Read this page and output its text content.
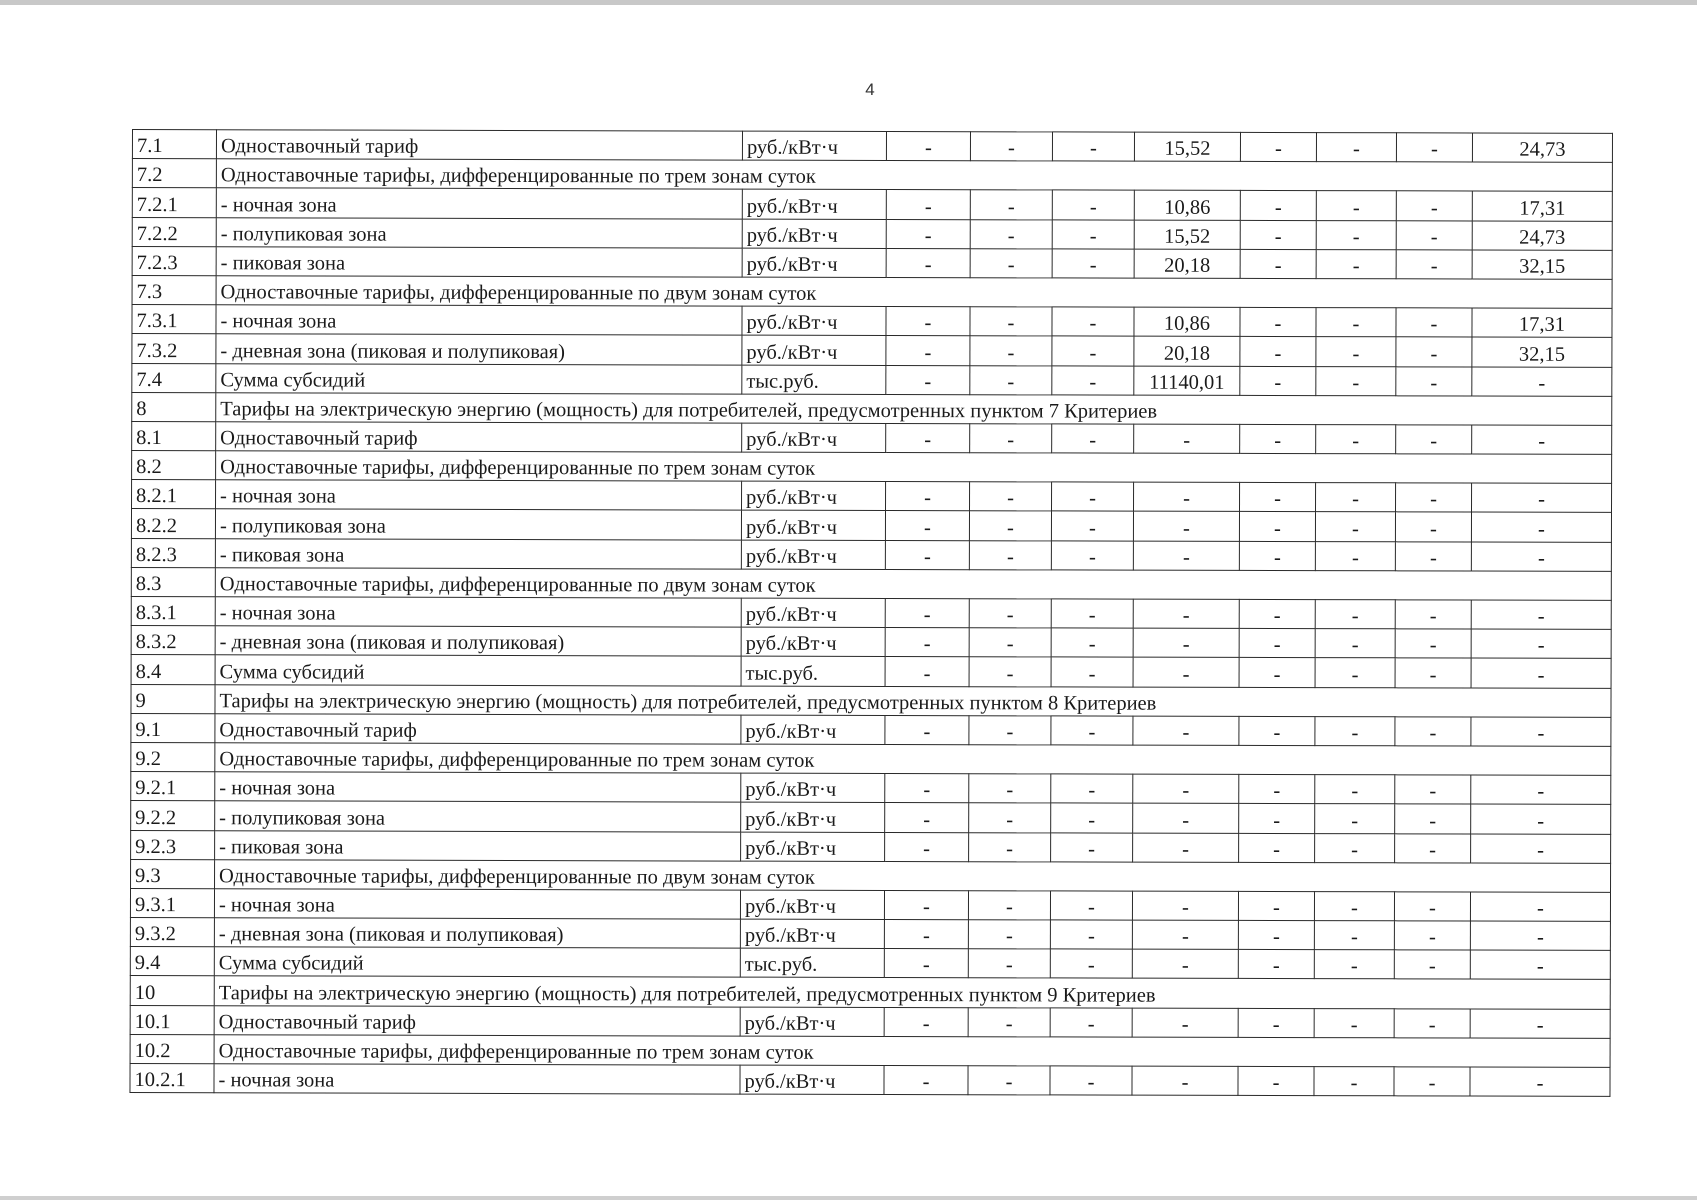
4
7.1	Одноставочный тариф	руб./кВт·ч	-	-	-	15,52	-	-	-	24,73
7.2	Одноставочные тарифы, дифференцированные по трем зонам суток									
7.2.1	- ночная зона	руб./кВт·ч	-	-	-	10,86	-	-	-	17,31
7.2.2	- полупиковая зона	руб./кВт·ч	-	-	-	15,52	-	-	-	24,73
7.2.3	- пиковая зона	руб./кВт·ч	-	-	-	20,18	-	-	-	32,15
7.3	Одноставочные тарифы, дифференцированные по двум зонам суток									
7.3.1	- ночная зона	руб./кВт·ч	-	-	-	10,86	-	-	-	17,31
7.3.2	- дневная зона (пиковая и полупиковая)	руб./кВт·ч	-	-	-	20,18	-	-	-	32,15
7.4	Сумма субсидий	тыс.руб.	-	-	-	11140,01	-	-	-	-
8	Тарифы на электрическую энергию (мощность) для потребителей, предусмотренных пунктом 7 Критериев									
8.1	Одноставочный тариф	руб./кВт·ч	-	-	-	-	-	-	-	-
8.2	Одноставочные тарифы, дифференцированные по трем зонам суток									
8.2.1	- ночная зона	руб./кВт·ч	-	-	-	-	-	-	-	-
8.2.2	- полупиковая зона	руб./кВт·ч	-	-	-	-	-	-	-	-
8.2.3	- пиковая зона	руб./кВт·ч	-	-	-	-	-	-	-	-
8.3	Одноставочные тарифы, дифференцированные по двум зонам суток									
8.3.1	- ночная зона	руб./кВт·ч	-	-	-	-	-	-	-	-
8.3.2	- дневная зона (пиковая и полупиковая)	руб./кВт·ч	-	-	-	-	-	-	-	-
8.4	Сумма субсидий	тыс.руб.	-	-	-	-	-	-	-	-
9	Тарифы на электрическую энергию (мощность) для потребителей, предусмотренных пунктом 8 Критериев									
9.1	Одноставочный тариф	руб./кВт·ч	-	-	-	-	-	-	-	-
9.2	Одноставочные тарифы, дифференцированные по трем зонам суток									
9.2.1	- ночная зона	руб./кВт·ч	-	-	-	-	-	-	-	-
9.2.2	- полупиковая зона	руб./кВт·ч	-	-	-	-	-	-	-	-
9.2.3	- пиковая зона	руб./кВт·ч	-	-	-	-	-	-	-	-
9.3	Одноставочные тарифы, дифференцированные по двум зонам суток									
9.3.1	- ночная зона	руб./кВт·ч	-	-	-	-	-	-	-	-
9.3.2	- дневная зона (пиковая и полупиковая)	руб./кВт·ч	-	-	-	-	-	-	-	-
9.4	Сумма субсидий	тыс.руб.	-	-	-	-	-	-	-	-
10	Тарифы на электрическую энергию (мощность) для потребителей, предусмотренных пунктом 9 Критериев									
10.1	Одноставочный тариф	руб./кВт·ч	-	-	-	-	-	-	-	-
10.2	Одноставочные тарифы, дифференцированные по трем зонам суток									
10.2.1	- ночная зона	руб./кВт·ч	-	-	-	-	-	-	-	-
